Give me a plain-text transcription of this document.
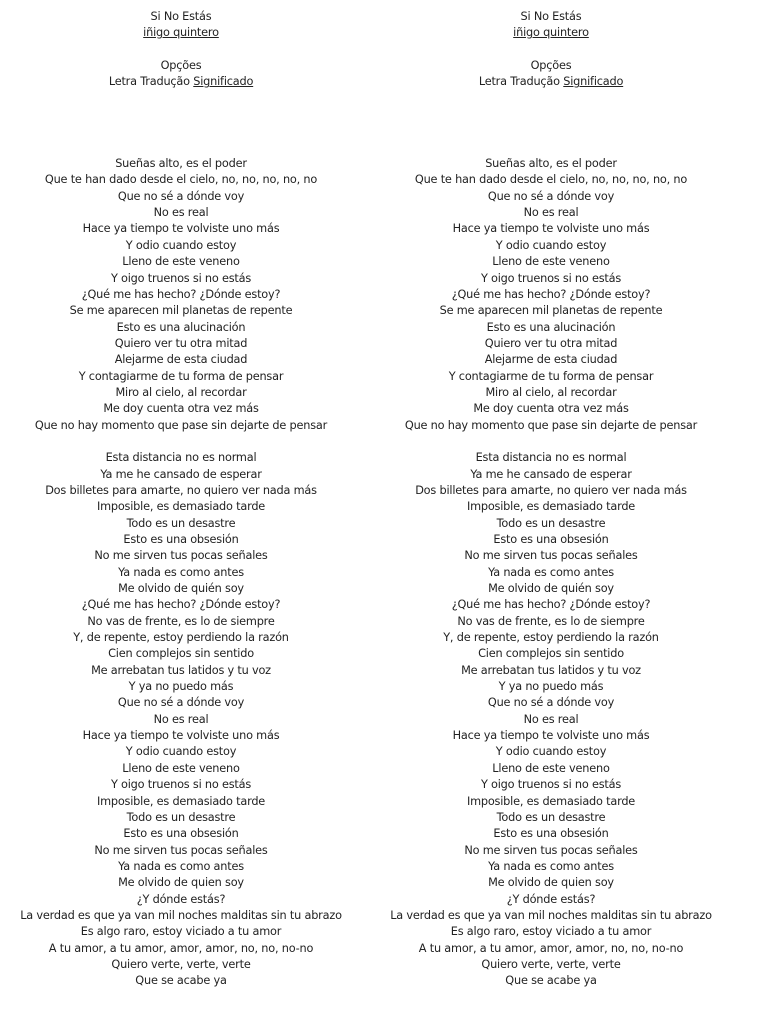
Si No Estás
iñigo quintero
Opções
Letra Tradução Significado
Sueñas alto, es el poder
Que te han dado desde el cielo, no, no, no, no, no
Que no sé a dónde voy
No es real
Hace ya tiempo te volviste uno más
Y odio cuando estoy
Lleno de este veneno
Y oigo truenos si no estás
¿Qué me has hecho? ¿Dónde estoy?
Se me aparecen mil planetas de repente
Esto es una alucinación
Quiero ver tu otra mitad
Alejarme de esta ciudad
Y contagiarme de tu forma de pensar
Miro al cielo, al recordar
Me doy cuenta otra vez más
Que no hay momento que pase sin dejarte de pensar
Esta distancia no es normal
Ya me he cansado de esperar
Dos billetes para amarte, no quiero ver nada más
Imposible, es demasiado tarde
Todo es un desastre
Esto es una obsesión
No me sirven tus pocas señales
Ya nada es como antes
Me olvido de quién soy
¿Qué me has hecho? ¿Dónde estoy?
No vas de frente, es lo de siempre
Y, de repente, estoy perdiendo la razón
Cien complejos sin sentido
Me arrebatan tus latidos y tu voz
Y ya no puedo más
Que no sé a dónde voy
No es real
Hace ya tiempo te volviste uno más
Y odio cuando estoy
Lleno de este veneno
Y oigo truenos si no estás
Imposible, es demasiado tarde
Todo es un desastre
Esto es una obsesión
No me sirven tus pocas señales
Ya nada es como antes
Me olvido de quien soy
¿Y dónde estás?
La verdad es que ya van mil noches malditas sin tu abrazo
Es algo raro, estoy viciado a tu amor
A tu amor, a tu amor, amor, amor, no, no, no-no
Quiero verte, verte, verte
Que se acabe ya
Si No Estás
iñigo quintero
Opções
Letra Tradução Significado
Sueñas alto, es el poder
Que te han dado desde el cielo, no, no, no, no, no
Que no sé a dónde voy
No es real
Hace ya tiempo te volviste uno más
Y odio cuando estoy
Lleno de este veneno
Y oigo truenos si no estás
¿Qué me has hecho? ¿Dónde estoy?
Se me aparecen mil planetas de repente
Esto es una alucinación
Quiero ver tu otra mitad
Alejarme de esta ciudad
Y contagiarme de tu forma de pensar
Miro al cielo, al recordar
Me doy cuenta otra vez más
Que no hay momento que pase sin dejarte de pensar
Esta distancia no es normal
Ya me he cansado de esperar
Dos billetes para amarte, no quiero ver nada más
Imposible, es demasiado tarde
Todo es un desastre
Esto es una obsesión
No me sirven tus pocas señales
Ya nada es como antes
Me olvido de quién soy
¿Qué me has hecho? ¿Dónde estoy?
No vas de frente, es lo de siempre
Y, de repente, estoy perdiendo la razón
Cien complejos sin sentido
Me arrebatan tus latidos y tu voz
Y ya no puedo más
Que no sé a dónde voy
No es real
Hace ya tiempo te volviste uno más
Y odio cuando estoy
Lleno de este veneno
Y oigo truenos si no estás
Imposible, es demasiado tarde
Todo es un desastre
Esto es una obsesión
No me sirven tus pocas señales
Ya nada es como antes
Me olvido de quien soy
¿Y dónde estás?
La verdad es que ya van mil noches malditas sin tu abrazo
Es algo raro, estoy viciado a tu amor
A tu amor, a tu amor, amor, amor, no, no, no-no
Quiero verte, verte, verte
Que se acabe ya
